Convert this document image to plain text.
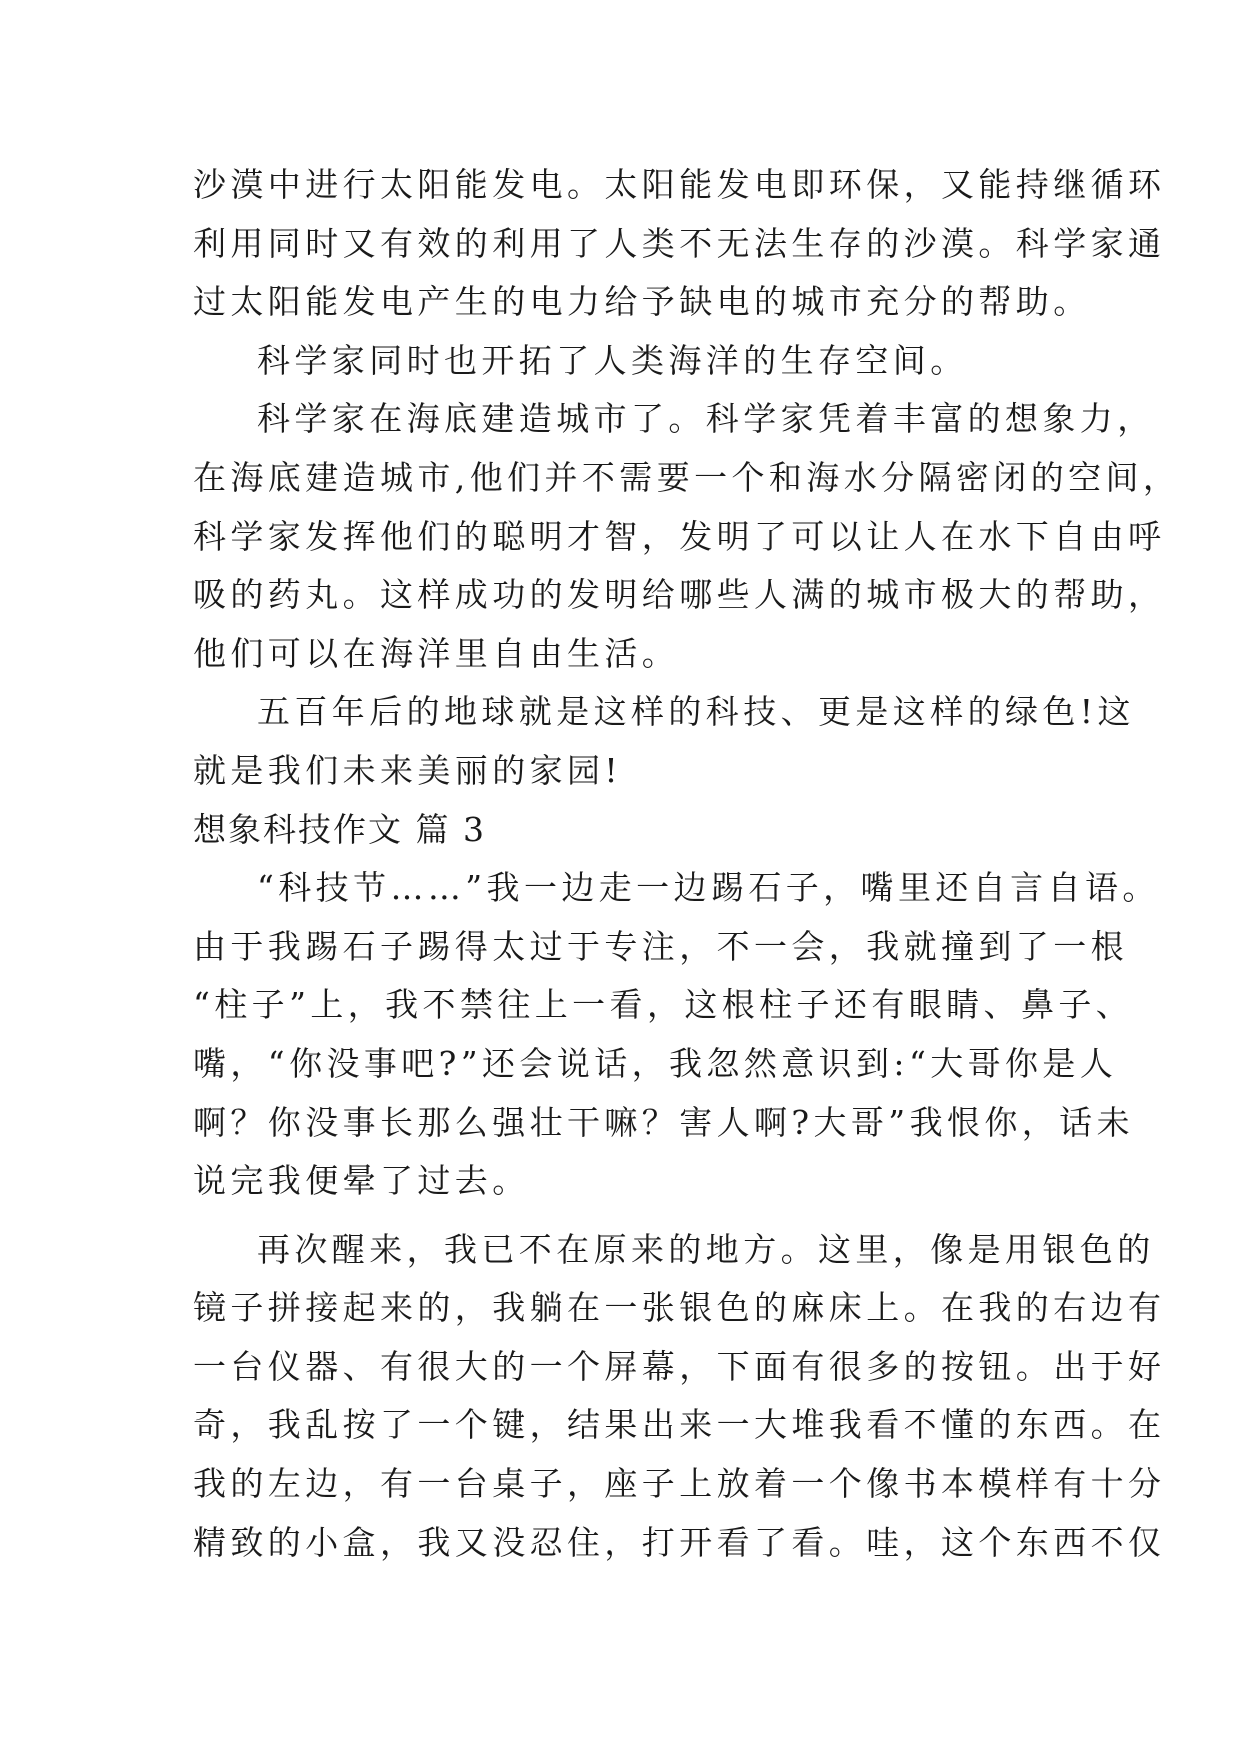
沙漠中进行太阳能发电。太阳能发电即环保，又能持继循环
利用同时又有效的利用了人类不无法生存的沙漠。科学家通
过太阳能发电产生的电力给予缺电的城市充分的帮助。
科学家同时也开拓了人类海洋的生存空间。
科学家在海底建造城市了。科学家凭着丰富的想象力，
在海底建造城市,他们并不需要一个和海水分隔密闭的空间，
科学家发挥他们的聪明才智，发明了可以让人在水下自由呼
吸的药丸。这样成功的发明给哪些人满的城市极大的帮助，
他们可以在海洋里自由生活。
五百年后的地球就是这样的科技、更是这样的绿色!这
就是我们未来美丽的家园!
想象科技作文 篇 3
“科技节……”我一边走一边踢石子，嘴里还自言自语。
由于我踢石子踢得太过于专注，不一会，我就撞到了一根
“柱子”上，我不禁往上一看，这根柱子还有眼睛、鼻子、
嘴，“你没事吧?”还会说话，我忽然意识到:“大哥你是人
啊？你没事长那么强壮干嘛？害人啊?大哥”我恨你，话未
说完我便晕了过去。
再次醒来，我已不在原来的地方。这里，像是用银色的
镜子拼接起来的，我躺在一张银色的麻床上。在我的右边有
一台仪器、有很大的一个屏幕，下面有很多的按钮。出于好
奇，我乱按了一个键，结果出来一大堆我看不懂的东西。在
我的左边，有一台桌子，座子上放着一个像书本模样有十分
精致的小盒，我又没忍住，打开看了看。哇，这个东西不仅
